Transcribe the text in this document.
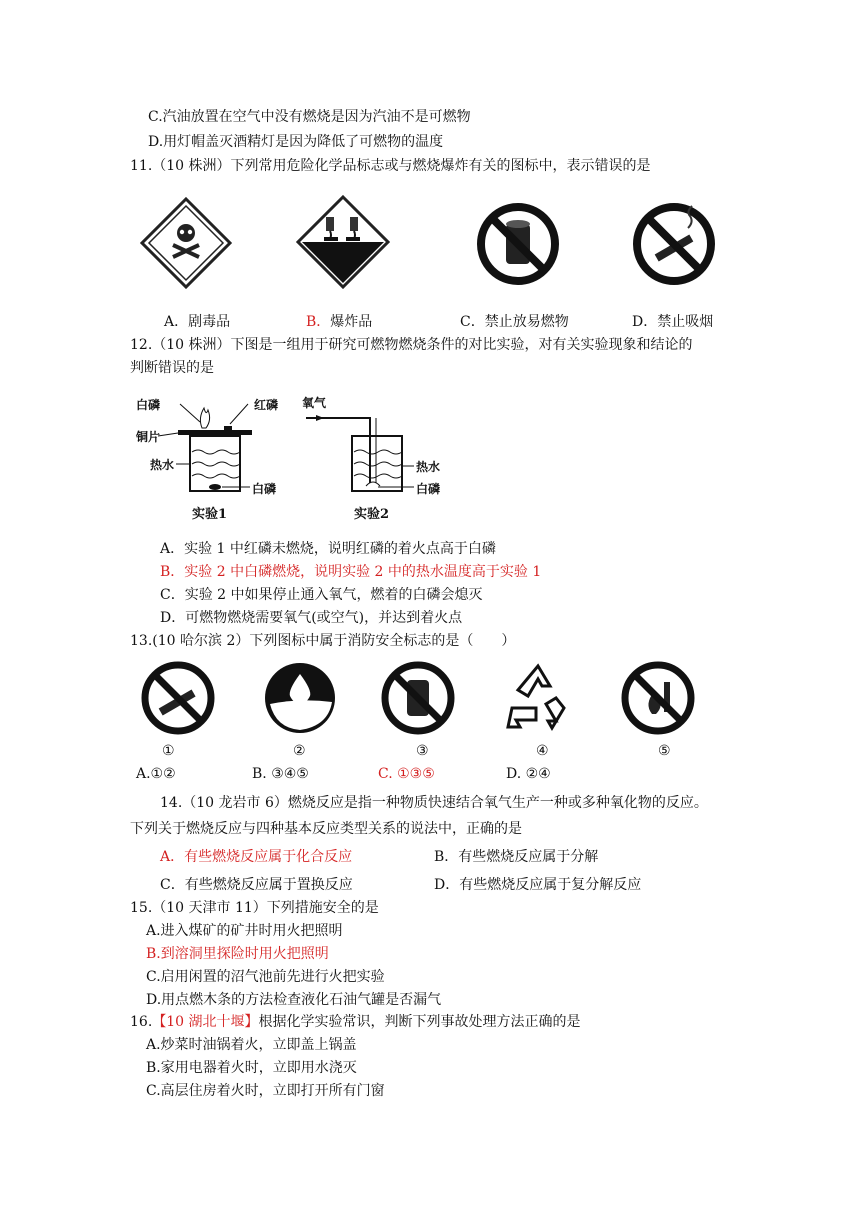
C.汽油放置在空气中没有燃烧是因为汽油不是可燃物
D.用灯帽盖灭酒精灯是因为降低了可燃物的温度
11.（10 株洲）下列常用危险化学品标志或与燃烧爆炸有关的图标中，表示错误的是
A．剧毒品	B．爆炸品	C．禁止放易燃物	D．禁止吸烟
12.（10 株洲）下图是一组用于研究可燃物燃烧条件的对比实验，对有关实验现象和结论的
判断错误的是
白磷	红磷
铜片
热水
白磷
氧气
热水
白磷
实验1	实验2
A．实验 1 中红磷未燃烧，说明红磷的着火点高于白磷
B．实验 2 中白磷燃烧，说明实验 2 中的热水温度高于实验 1
C．实验 2 中如果停止通入氧气，燃着的白磷会熄灭
D．可燃物燃烧需要氧气(或空气)，并达到着火点
13.(10 哈尔滨 2）下列图标中属于消防安全标志的是（　　）
①	②	③	④	⑤
A.①②	B. ③④⑤	C. ①③⑤	D. ②④
14.（10 龙岩市 6）燃烧反应是指一种物质快速结合氧气生产一种或多种氧化物的反应。
下列关于燃烧反应与四种基本反应类型关系的说法中，正确的是
A．有些燃烧反应属于化合反应	B．有些燃烧反应属于分解
C．有些燃烧反应属于置换反应	D．有些燃烧反应属于复分解反应
15.（10 天津市 11）下列措施安全的是
A.进入煤矿的矿井时用火把照明
B.到溶洞里探险时用火把照明
C.启用闲置的沼气池前先进行火把实验
D.用点燃木条的方法检查液化石油气罐是否漏气
16.【10 湖北十堰】根据化学实验常识，判断下列事故处理方法正确的是
A.炒菜时油锅着火，立即盖上锅盖
B.家用电器着火时，立即用水浇灭
C.高层住房着火时，立即打开所有门窗
